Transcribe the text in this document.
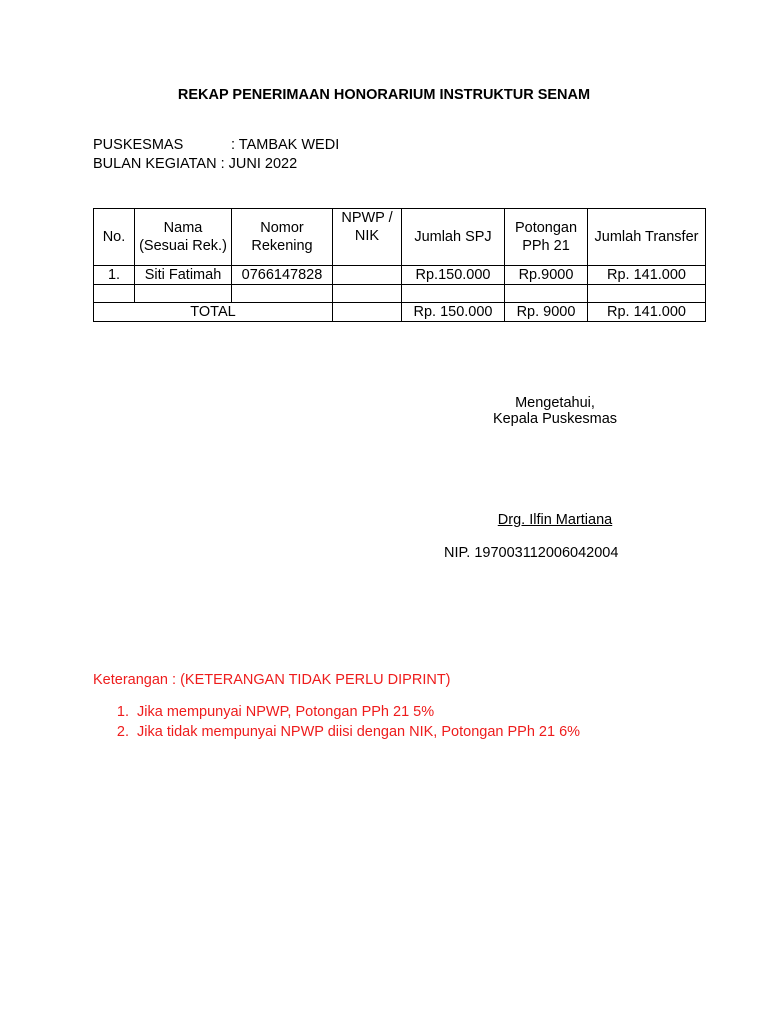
REKAP PENERIMAAN HONORARIUM INSTRUKTUR SENAM
PUSKESMAS	: TAMBAK WEDI
BULAN KEGIATAN : JUNI 2022
No.	Nama (Sesuai Rek.)	Nomor Rekening	NPWP / NIK	Jumlah SPJ	Potongan PPh 21	Jumlah Transfer
1.	Siti Fatimah	0766147828		Rp.150.000	Rp.9000	Rp. 141.000

TOTAL				Rp. 150.000	Rp. 9000	Rp. 141.000
Mengetahui,
Kepala Puskesmas
Drg. Ilfin Martiana
NIP. 197003112006042004
Keterangan : (KETERANGAN TIDAK PERLU DIPRINT)
1. Jika mempunyai NPWP, Potongan PPh 21 5%
2. Jika tidak mempunyai NPWP diisi dengan NIK, Potongan PPh 21 6%
